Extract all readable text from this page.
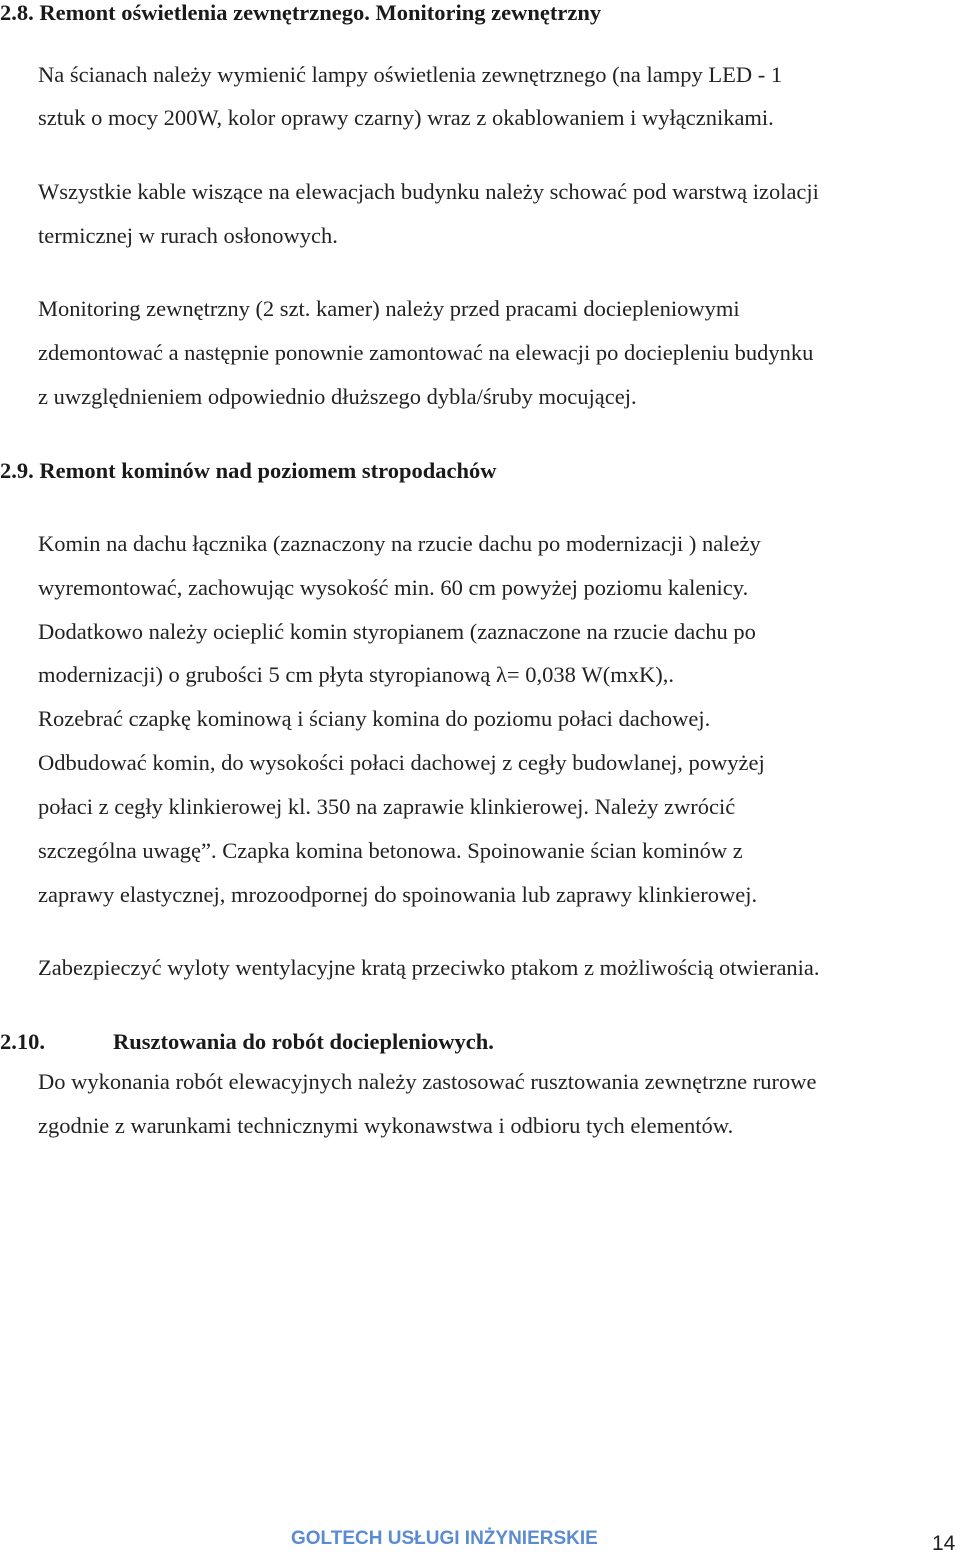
2.8. Remont oświetlenia zewnętrznego. Monitoring zewnętrzny
Na ścianach należy wymienić lampy oświetlenia zewnętrznego (na lampy LED - 1
sztuk o mocy 200W, kolor oprawy czarny) wraz z okablowaniem i wyłącznikami.
Wszystkie kable wiszące na elewacjach budynku należy schować pod warstwą izolacji
termicznej w rurach osłonowych.
Monitoring zewnętrzny (2 szt. kamer) należy przed pracami dociepleniowymi
zdemontować a następnie ponownie zamontować na elewacji po dociepleniu budynku
z uwzględnieniem odpowiednio dłuższego dybla/śruby mocującej.
2.9. Remont kominów nad poziomem stropodachów
Komin na dachu łącznika (zaznaczony na rzucie dachu po modernizacji ) należy
wyremontować, zachowując wysokość min. 60 cm powyżej poziomu kalenicy.
Dodatkowo należy ocieplić komin styropianem (zaznaczone na rzucie dachu po
modernizacji) o grubości 5 cm płyta styropianową λ= 0,038 W(mxK),.
Rozebrać czapkę kominową i ściany komina do poziomu połaci dachowej.
Odbudować komin, do wysokości połaci dachowej z cegły budowlanej, powyżej
połaci z cegły klinkierowej kl. 350 na zaprawie klinkierowej. Należy zwrócić
szczególna uwagę”. Czapka komina betonowa. Spoinowanie ścian kominów z
zaprawy elastycznej, mrozoodpornej do spoinowania lub zaprawy klinkierowej.
Zabezpieczyć wyloty wentylacyjne kratą przeciwko ptakom z możliwością otwierania.
2.10.	Rusztowania do robót dociepleniowych.
Do wykonania robót elewacyjnych należy zastosować rusztowania zewnętrzne rurowe
zgodnie z warunkami technicznymi wykonawstwa i odbioru tych elementów.
GOLTECH USŁUGI INŻYNIERSKIE	14
